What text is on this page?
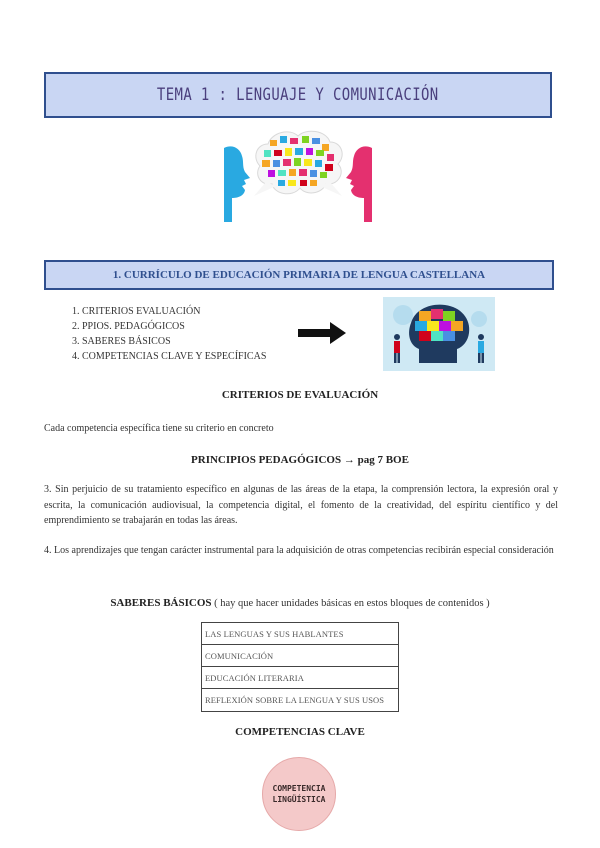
TEMA 1 : LENGUAJE Y COMUNICACIÓN
1. CURRÍCULO DE EDUCACIÓN PRIMARIA DE LENGUA CASTELLANA
1. CRITERIOS EVALUACIÓN
2. PPIOS. PEDAGÓGICOS
3. SABERES BÁSICOS
4. COMPETENCIAS CLAVE Y ESPECÍFICAS
CRITERIOS DE EVALUACIÓN

Cada competencia específica tiene su criterio en concreto

PRINCIPIOS PEDAGÓGICOS → pag 7 BOE

3. Sin perjuicio de su tratamiento específico en algunas de las áreas de la etapa, la comprensión lectora, la expresión oral y escrita, la comunicación audiovisual, la competencia digital, el fomento de la creatividad, del espíritu científico y del emprendimiento se trabajarán en todas las áreas.

4. Los aprendizajes que tengan carácter instrumental para la adquisición de otras competencias recibirán especial consideración

SABERES BÁSICOS ( hay que hacer unidades básicas en estos bloques de contenidos )
LAS LENGUAS Y SUS HABLANTES
COMUNICACIÓN
EDUCACIÓN LITERARIA
REFLEXIÓN SOBRE LA LENGUA Y SUS USOS
COMPETENCIAS CLAVE
COMPETENCIA
LINGÜÍSTICA
